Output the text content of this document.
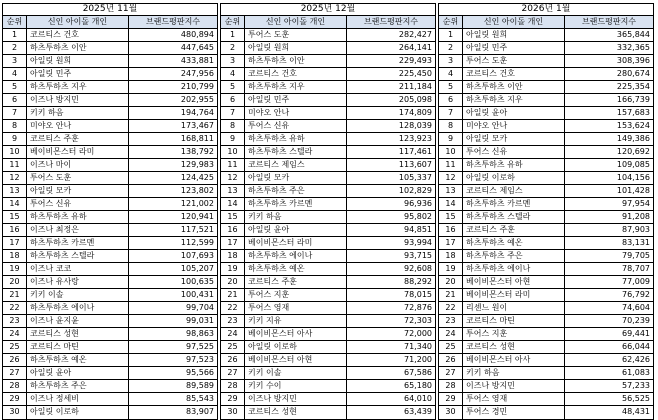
2025년 11월
순위	신인 아이돌 개인	브랜드평판지수
1	코르티스 건호	480,894
2	하츠투하츠 이안	447,645
3	아일릿 원희	433,881
4	아일릿 민주	247,956
5	하츠투하츠 지우	210,799
6	이즈나 방지민	202,955
7	키키 하음	194,764
8	미야오 안나	173,467
9	코르티스 주훈	168,811
10	베이비몬스터 라미	138,792
11	이즈나 마이	129,983
12	투어스 도훈	124,425
13	아일릿 모카	123,802
14	투어스 신유	121,002
15	하츠투하츠 유하	120,941
16	이즈나 최정은	117,521
17	하츠투하츠 카르멘	112,599
18	하츠투하츠 스텔라	107,693
19	이즈나 코코	105,207
20	이즈나 유사랑	100,635
21	키키 이솔	100,431
22	하츠투하츠 에이나	99,704
23	이즈나 윤지윤	99,031
24	코르티스 성현	98,863
25	코르티스 마틴	97,525
26	하츠투하츠 예온	97,523
27	아일릿 윤아	95,566
28	하츠투하츠 주은	89,589
29	이즈나 정세비	85,543
30	아일릿 이로하	83,907
2025년 12월
순위	신인 아이돌 개인	브랜드평판지수
1	투어스 도훈	282,427
2	아일릿 원희	264,141
3	하츠투하츠 이안	229,493
4	코르티스 건호	225,450
5	하츠투하츠 지우	211,184
6	아일릿 민주	205,098
7	미야오 안나	174,809
8	투어스 신유	128,039
9	하츠투하츠 유하	123,923
10	하츠투하츠 스텔라	117,461
11	코르티스 제임스	113,607
12	아일릿 모카	105,337
13	하츠투하츠 주은	102,829
14	하츠투하츠 카르멘	96,936
15	키키 하음	95,802
16	아일릿 윤아	94,851
17	베이비몬스터 라미	93,994
18	하츠투하츠 에이나	93,715
19	하츠투하츠 예온	92,608
20	코르티스 주훈	88,292
21	투어스 지훈	78,015
22	투어스 영재	72,876
23	키키 지유	72,303
24	베이비몬스터 아사	72,000
25	아일릿 이로하	71,340
26	베이비몬스터 아현	71,200
27	키키 이솔	67,586
28	키키 수이	65,180
29	이즈나 방지민	64,010
30	코르티스 성현	63,439
2026년 1월
순위	신인 아이돌 개인	브랜드평판지수
1	아일릿 원희	365,844
2	아일릿 민주	332,365
3	투어스 도훈	308,396
4	코르티스 건호	280,674
5	하츠투하츠 이안	225,354
6	하츠투하츠 지우	166,739
7	아일릿 윤아	157,683
8	미야오 안나	153,624
9	아일릿 모카	149,386
10	투어스 신유	120,692
11	하츠투하츠 유하	109,085
12	아일릿 이로하	104,156
13	코르티스 제임스	101,428
14	하츠투하츠 카르멘	97,954
15	하츠투하츠 스텔라	91,208
16	코르티스 주훈	87,903
17	하츠투하츠 예온	83,131
18	하츠투하츠 주은	79,705
19	하츠투하츠 에이나	78,707
20	베이비몬스터 아현	77,009
21	베이비몬스터 라미	76,792
22	리센느 원이	74,604
23	코르티스 마틴	70,239
24	투어스 지훈	69,441
25	코르티스 성현	66,044
26	베이비몬스터 아사	62,426
27	키키 하음	61,083
28	이즈나 방지민	57,233
29	투어스 영재	56,525
30	투어스 경민	48,431
